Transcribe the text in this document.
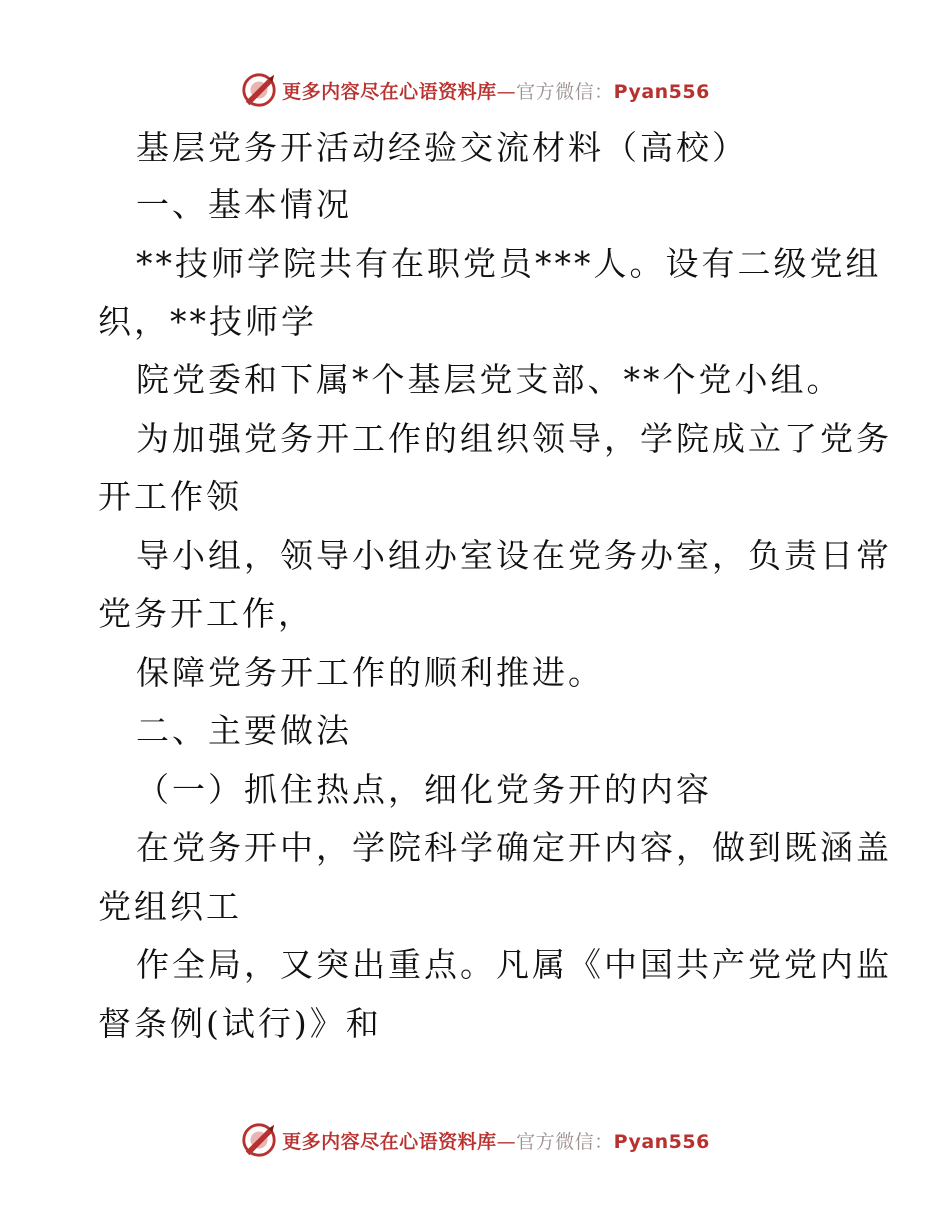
更多内容尽在心语资料库—官方微信：Pyan556
基层党务开活动经验交流材料（高校）
一、基本情况
**技师学院共有在职党员***人。设有二级党组
织，**技师学
院党委和下属*个基层党支部、**个党小组。
为加强党务开工作的组织领导，学院成立了党务
开工作领
导小组，领导小组办室设在党务办室，负责日常
党务开工作，
保障党务开工作的顺利推进。
二、主要做法
（一）抓住热点，细化党务开的内容
在党务开中，学院科学确定开内容，做到既涵盖
党组织工
作全局，又突出重点。凡属《中国共产党党内监
督条例(试行)》和
更多内容尽在心语资料库—官方微信：Pyan556
